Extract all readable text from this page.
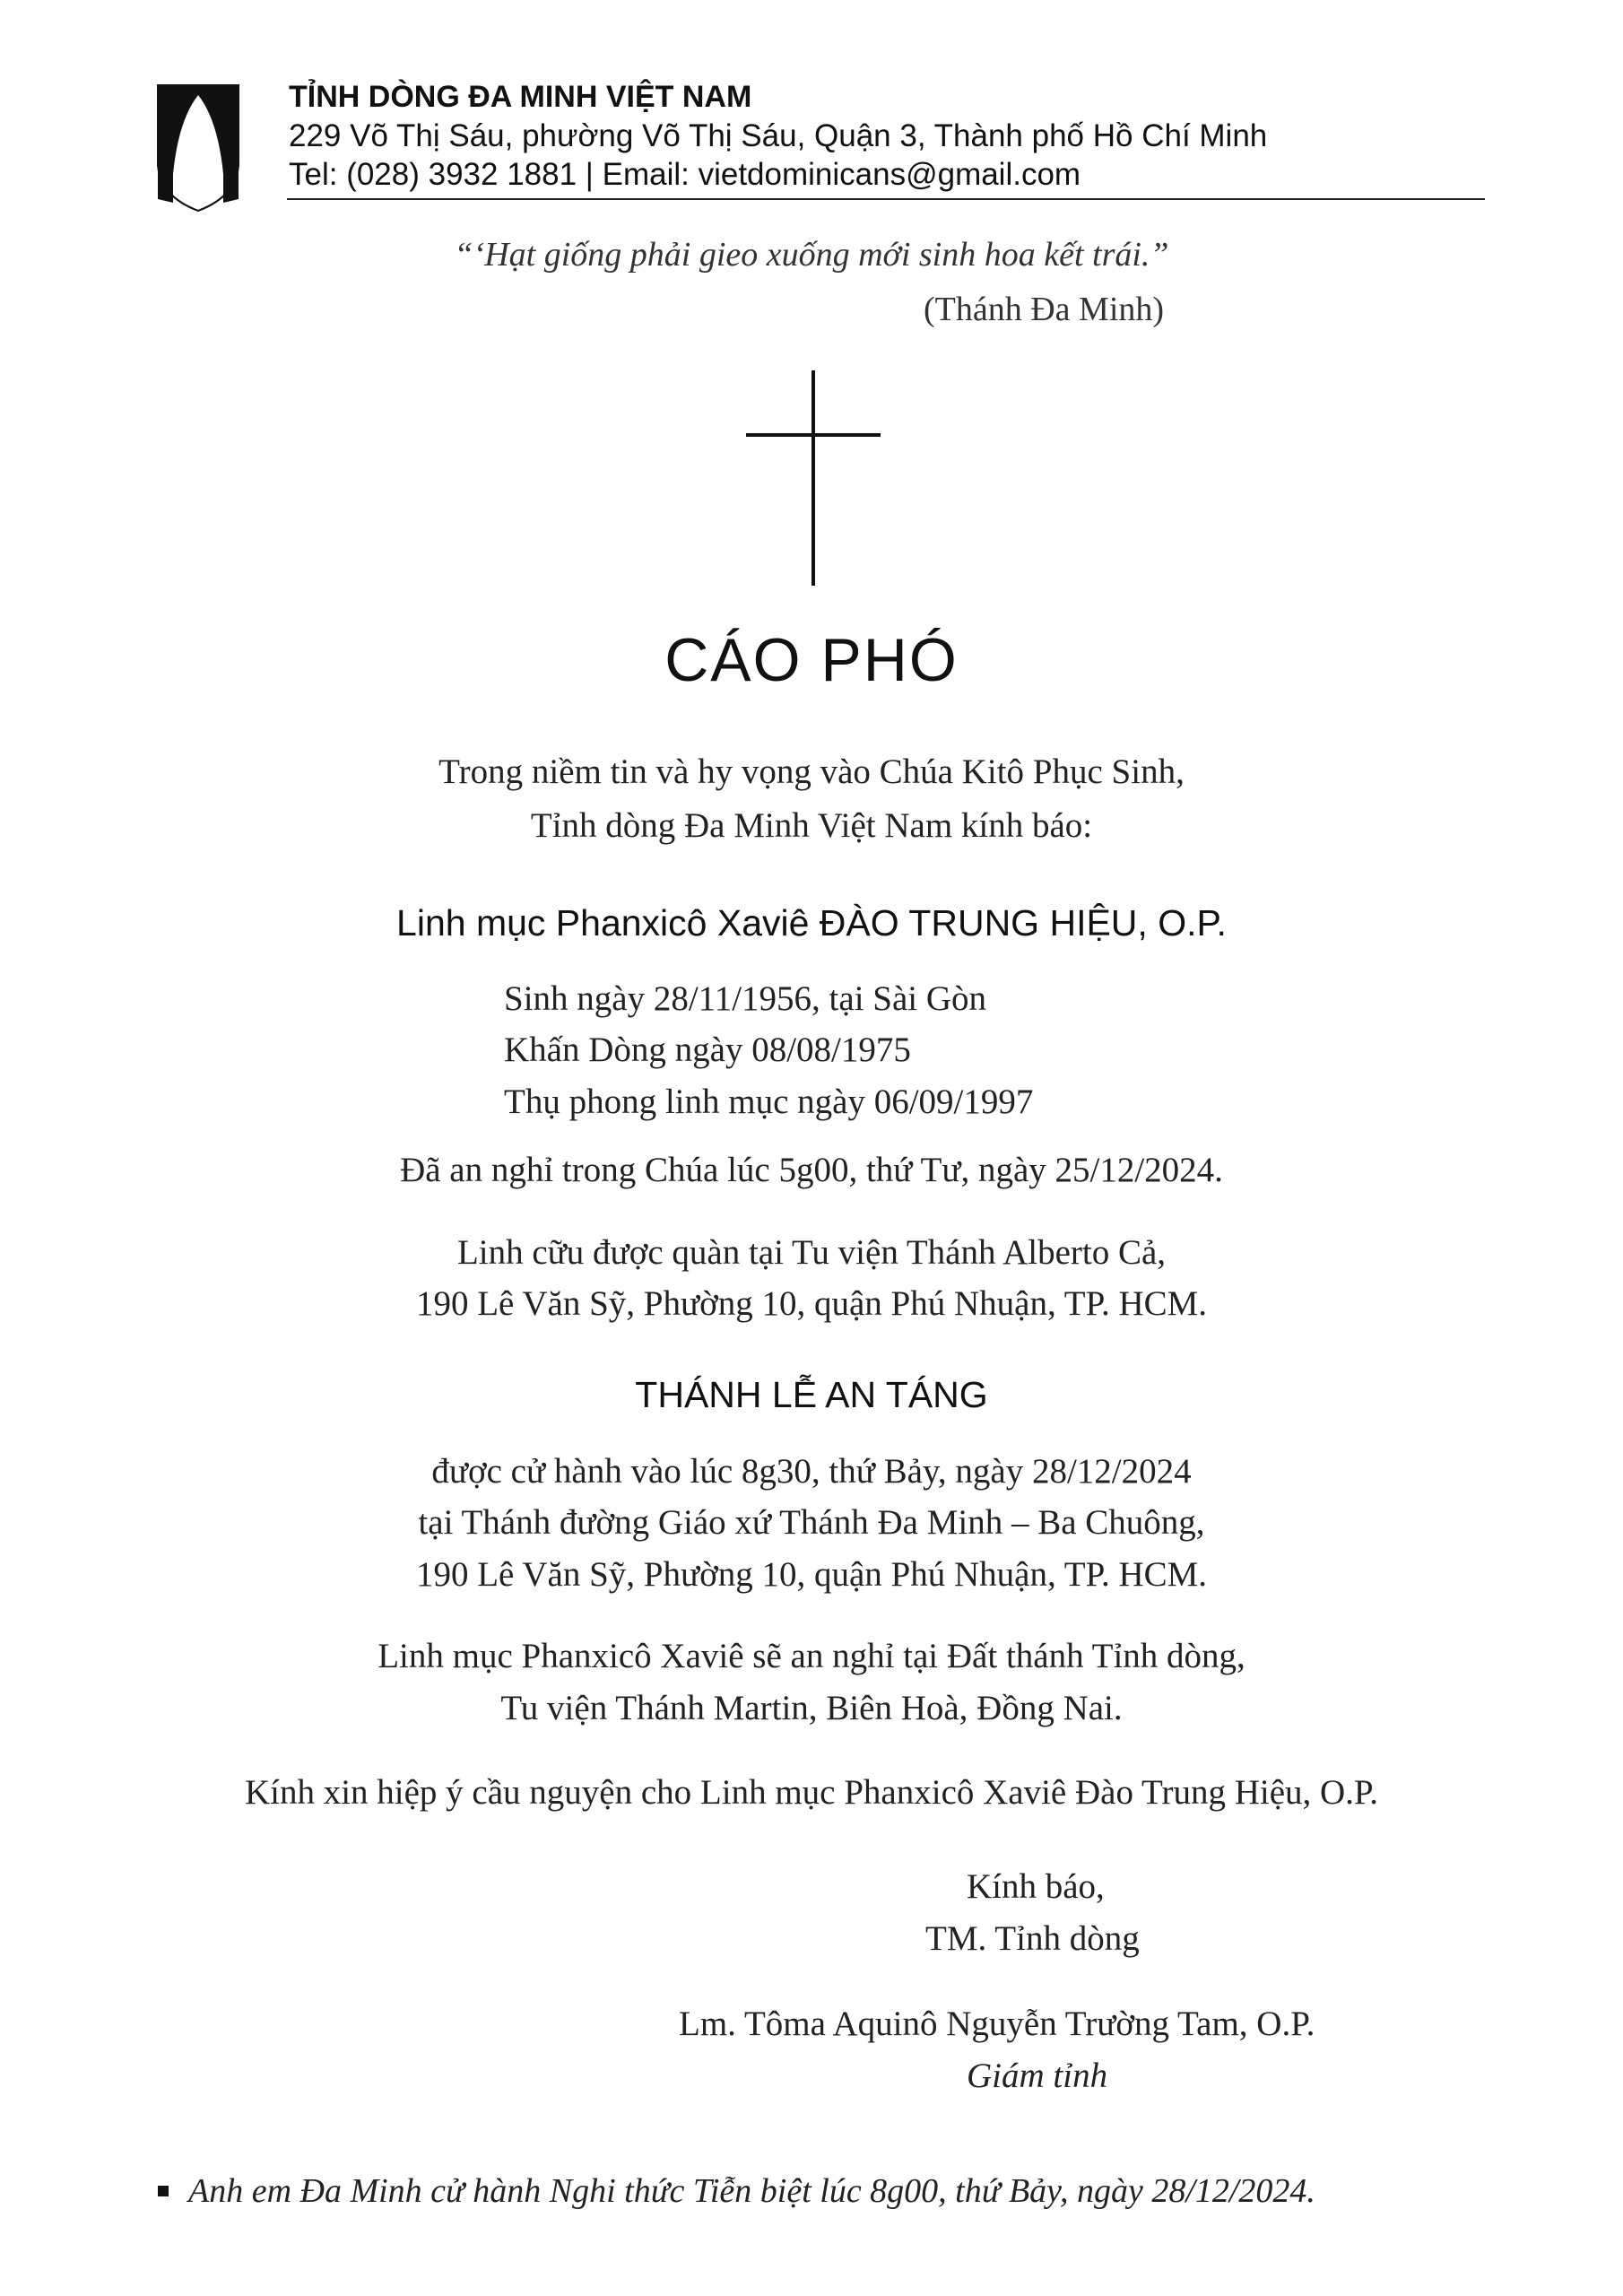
TỈNH DÒNG ĐA MINH VIỆT NAM
229 Võ Thị Sáu, phường Võ Thị Sáu, Quận 3, Thành phố Hồ Chí Minh
Tel: (028) 3932 1881 | Email: vietdominicans@gmail.com
“‘Hạt giống phải gieo xuống mới sinh hoa kết trái.”
(Thánh Đa Minh)
CÁO PHÓ
Trong niềm tin và hy vọng vào Chúa Kitô Phục Sinh,
Tỉnh dòng Đa Minh Việt Nam kính báo:
Linh mục Phanxicô Xaviê ĐÀO TRUNG HIỆU, O.P.
Sinh ngày 28/11/1956, tại Sài Gòn
Khấn Dòng ngày 08/08/1975
Thụ phong linh mục ngày 06/09/1997
Đã an nghỉ trong Chúa lúc 5g00, thứ Tư, ngày 25/12/2024.
Linh cữu được quàn tại Tu viện Thánh Alberto Cả,
190 Lê Văn Sỹ, Phường 10, quận Phú Nhuận, TP. HCM.
THÁNH LỄ AN TÁNG
được cử hành vào lúc 8g30, thứ Bảy, ngày 28/12/2024
tại Thánh đường Giáo xứ Thánh Đa Minh – Ba Chuông,
190 Lê Văn Sỹ, Phường 10, quận Phú Nhuận, TP. HCM.
Linh mục Phanxicô Xaviê sẽ an nghỉ tại Đất thánh Tỉnh dòng,
Tu viện Thánh Martin, Biên Hoà, Đồng Nai.
Kính xin hiệp ý cầu nguyện cho Linh mục Phanxicô Xaviê Đào Trung Hiệu, O.P.
Kính báo,
TM. Tỉnh dòng
Lm. Tôma Aquinô Nguyễn Trường Tam, O.P.
Giám tỉnh
Anh em Đa Minh cử hành Nghi thức Tiễn biệt lúc 8g00, thứ Bảy, ngày 28/12/2024.
